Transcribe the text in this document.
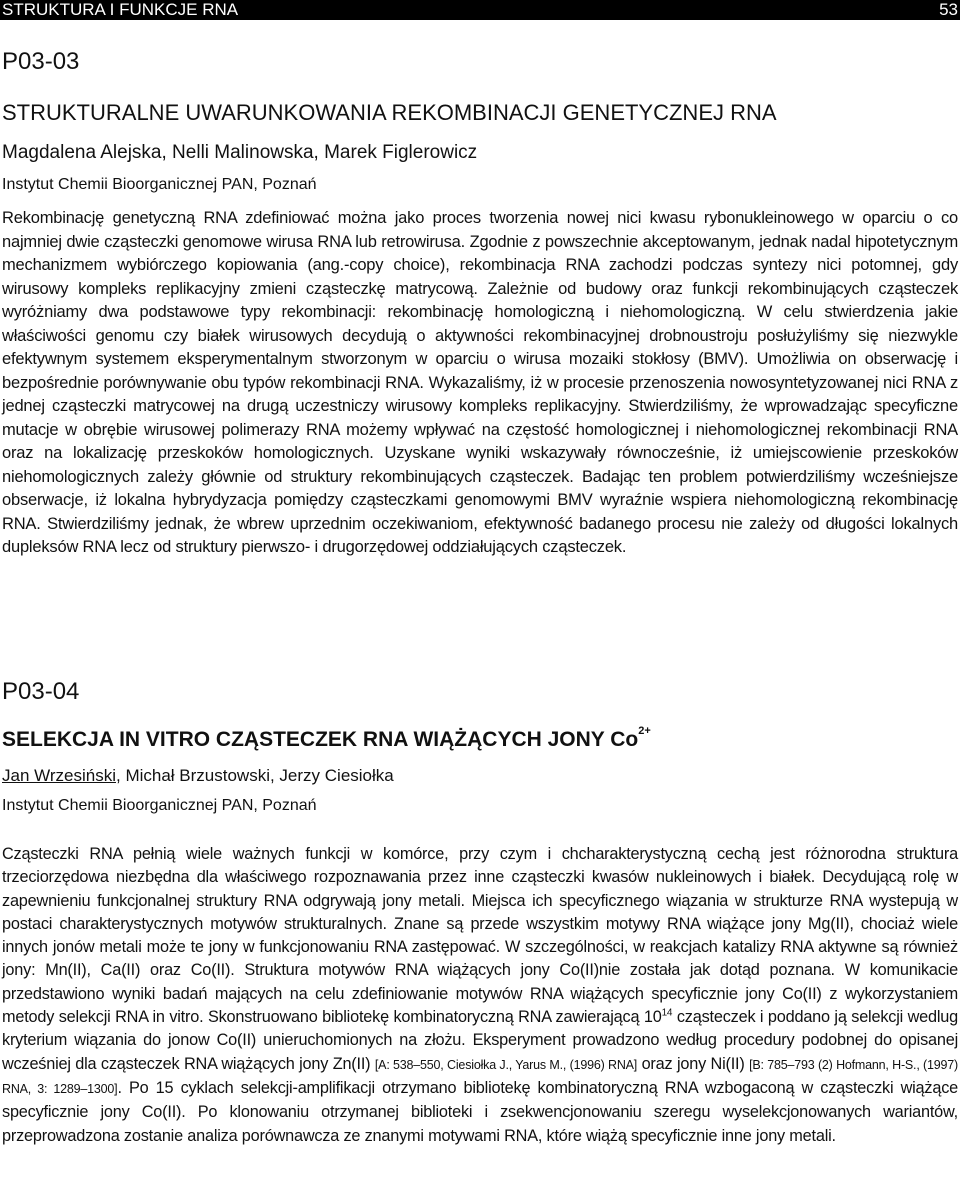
STRUKTURA I FUNKCJE RNA	53
P03-03
STRUKTURALNE UWARUNKOWANIA REKOMBINACJI GENETYCZNEJ RNA
Magdalena Alejska, Nelli Malinowska, Marek Figlerowicz
Instytut Chemii Bioorganicznej PAN, Poznań
Rekombinację genetyczną RNA zdefiniować można jako proces tworzenia nowej nici kwasu rybonukleinowego w oparciu o co najmniej dwie cząsteczki genomowe wirusa RNA lub retrowirusa. Zgodnie z powszechnie akceptowanym, jednak nadal hipotetycznym mechanizmem wybiórczego kopiowania (ang.-copy choice), rekombinacja RNA zachodzi podczas syntezy nici potomnej, gdy wirusowy kompleks replikacyjny zmieni cząsteczkę matrycową. Zależnie od budowy oraz funkcji rekombinujących cząsteczek wyróżniamy dwa podstawowe typy rekombinacji: rekombinację homologiczną i niehomologiczną. W celu stwierdzenia jakie właściwości genomu czy białek wirusowych decydują o aktywności rekombinacyjnej drobnoustroju posłużyliśmy się niezwykle efektywnym systemem eksperymentalnym stworzonym w oparciu o wirusa mozaiki stokłosy (BMV). Umożliwia on obserwację i bezpośrednie porównywanie obu typów rekombinacji RNA. Wykazaliśmy, iż w procesie przenoszenia nowosyntetyzowanej nici RNA z jednej cząsteczki matrycowej na drugą uczestniczy wirusowy kompleks replikacyjny. Stwierdziliśmy, że wprowadzając specyficzne mutacje w obrębie wirusowej polimerazy RNA możemy wpływać na częstość homologicznej i niehomologicznej rekombinacji RNA oraz na lokalizację przeskoków homologicznych. Uzyskane wyniki wskazywały równocześnie, iż umiejscowienie przeskoków niehomologicznych zależy głównie od struktury rekombinujących cząsteczek. Badając ten problem potwierdziliśmy wcześniejsze obserwacje, iż lokalna hybrydyzacja pomiędzy cząsteczkami genomowymi BMV wyraźnie wspiera niehomologiczną rekombinację RNA. Stwierdziliśmy jednak, że wbrew uprzednim oczekiwaniom, efektywność badanego procesu nie zależy od długości lokalnych dupleksów RNA lecz od struktury pierwszo- i drugorzędowej oddziałujących cząsteczek.
P03-04
SELEKCJA IN VITRO CZĄSTECZEK RNA WIĄŻĄCYCH JONY $Co^{2+}$
Jan Wrzesiński, Michał Brzustowski, Jerzy Ciesiołka
Instytut Chemii Bioorganicznej PAN, Poznań
Cząsteczki RNA pełnią wiele ważnych funkcji w komórce, przy czym i chcharakterystyczną cechą jest różnorodna struktura trzeciorzędowa niezbędna dla właściwego rozpoznawania przez inne cząsteczki kwasów nukleinowych i białek. Decydującą rolę w zapewnieniu funkcjonalnej struktury RNA odgrywają jony metali. Miejsca ich specyficznego wiązania w strukturze RNA wystepują w postaci charakterystycznych motywów strukturalnych. Znane są przede wszystkim motywy RNA wiążące jony Mg(II), chociaż wiele innych jonów metali może te jony w funkcjonowaniu RNA zastępować. W szczególności, w reakcjach katalizy RNA aktywne są również jony: Mn(II), Ca(II) oraz Co(II). Struktura motywów RNA wiążących jony Co(II)nie została jak dotąd poznana. W komunikacie przedstawiono wyniki badań mających na celu zdefiniowanie motywów RNA wiążących specyficznie jony Co(II) z wykorzystaniem metody selekcji RNA in vitro. Skonstruowano bibliotekę kombinatoryczną RNA zawierającą $10^{14}$ cząsteczek i poddano ją selekcji wedlug kryterium wiązania do jonow Co(II) unieruchomionych na złożu. Eksperyment prowadzono według procedury podobnej do opisanej wcześniej dla cząsteczek RNA wiążących jony Zn(II) [A: 538–550, Ciesiołka J., Yarus M., (1996) RNA] oraz jony Ni(II) [B: 785–793 (2) Hofmann, H-S., (1997) RNA, 3: 1289–1300]. Po 15 cyklach selekcji-amplifikacji otrzymano bibliotekę kombinatoryczną RNA wzbogaconą w cząsteczki wiążące specyficznie jony Co(II). Po klonowaniu otrzymanej biblioteki i zsekwencjonowaniu szeregu wyselekcjonowanych wariantów, przeprowadzona zostanie analiza porównawcza ze znanymi motywami RNA, które wiążą specyficznie inne jony metali.
